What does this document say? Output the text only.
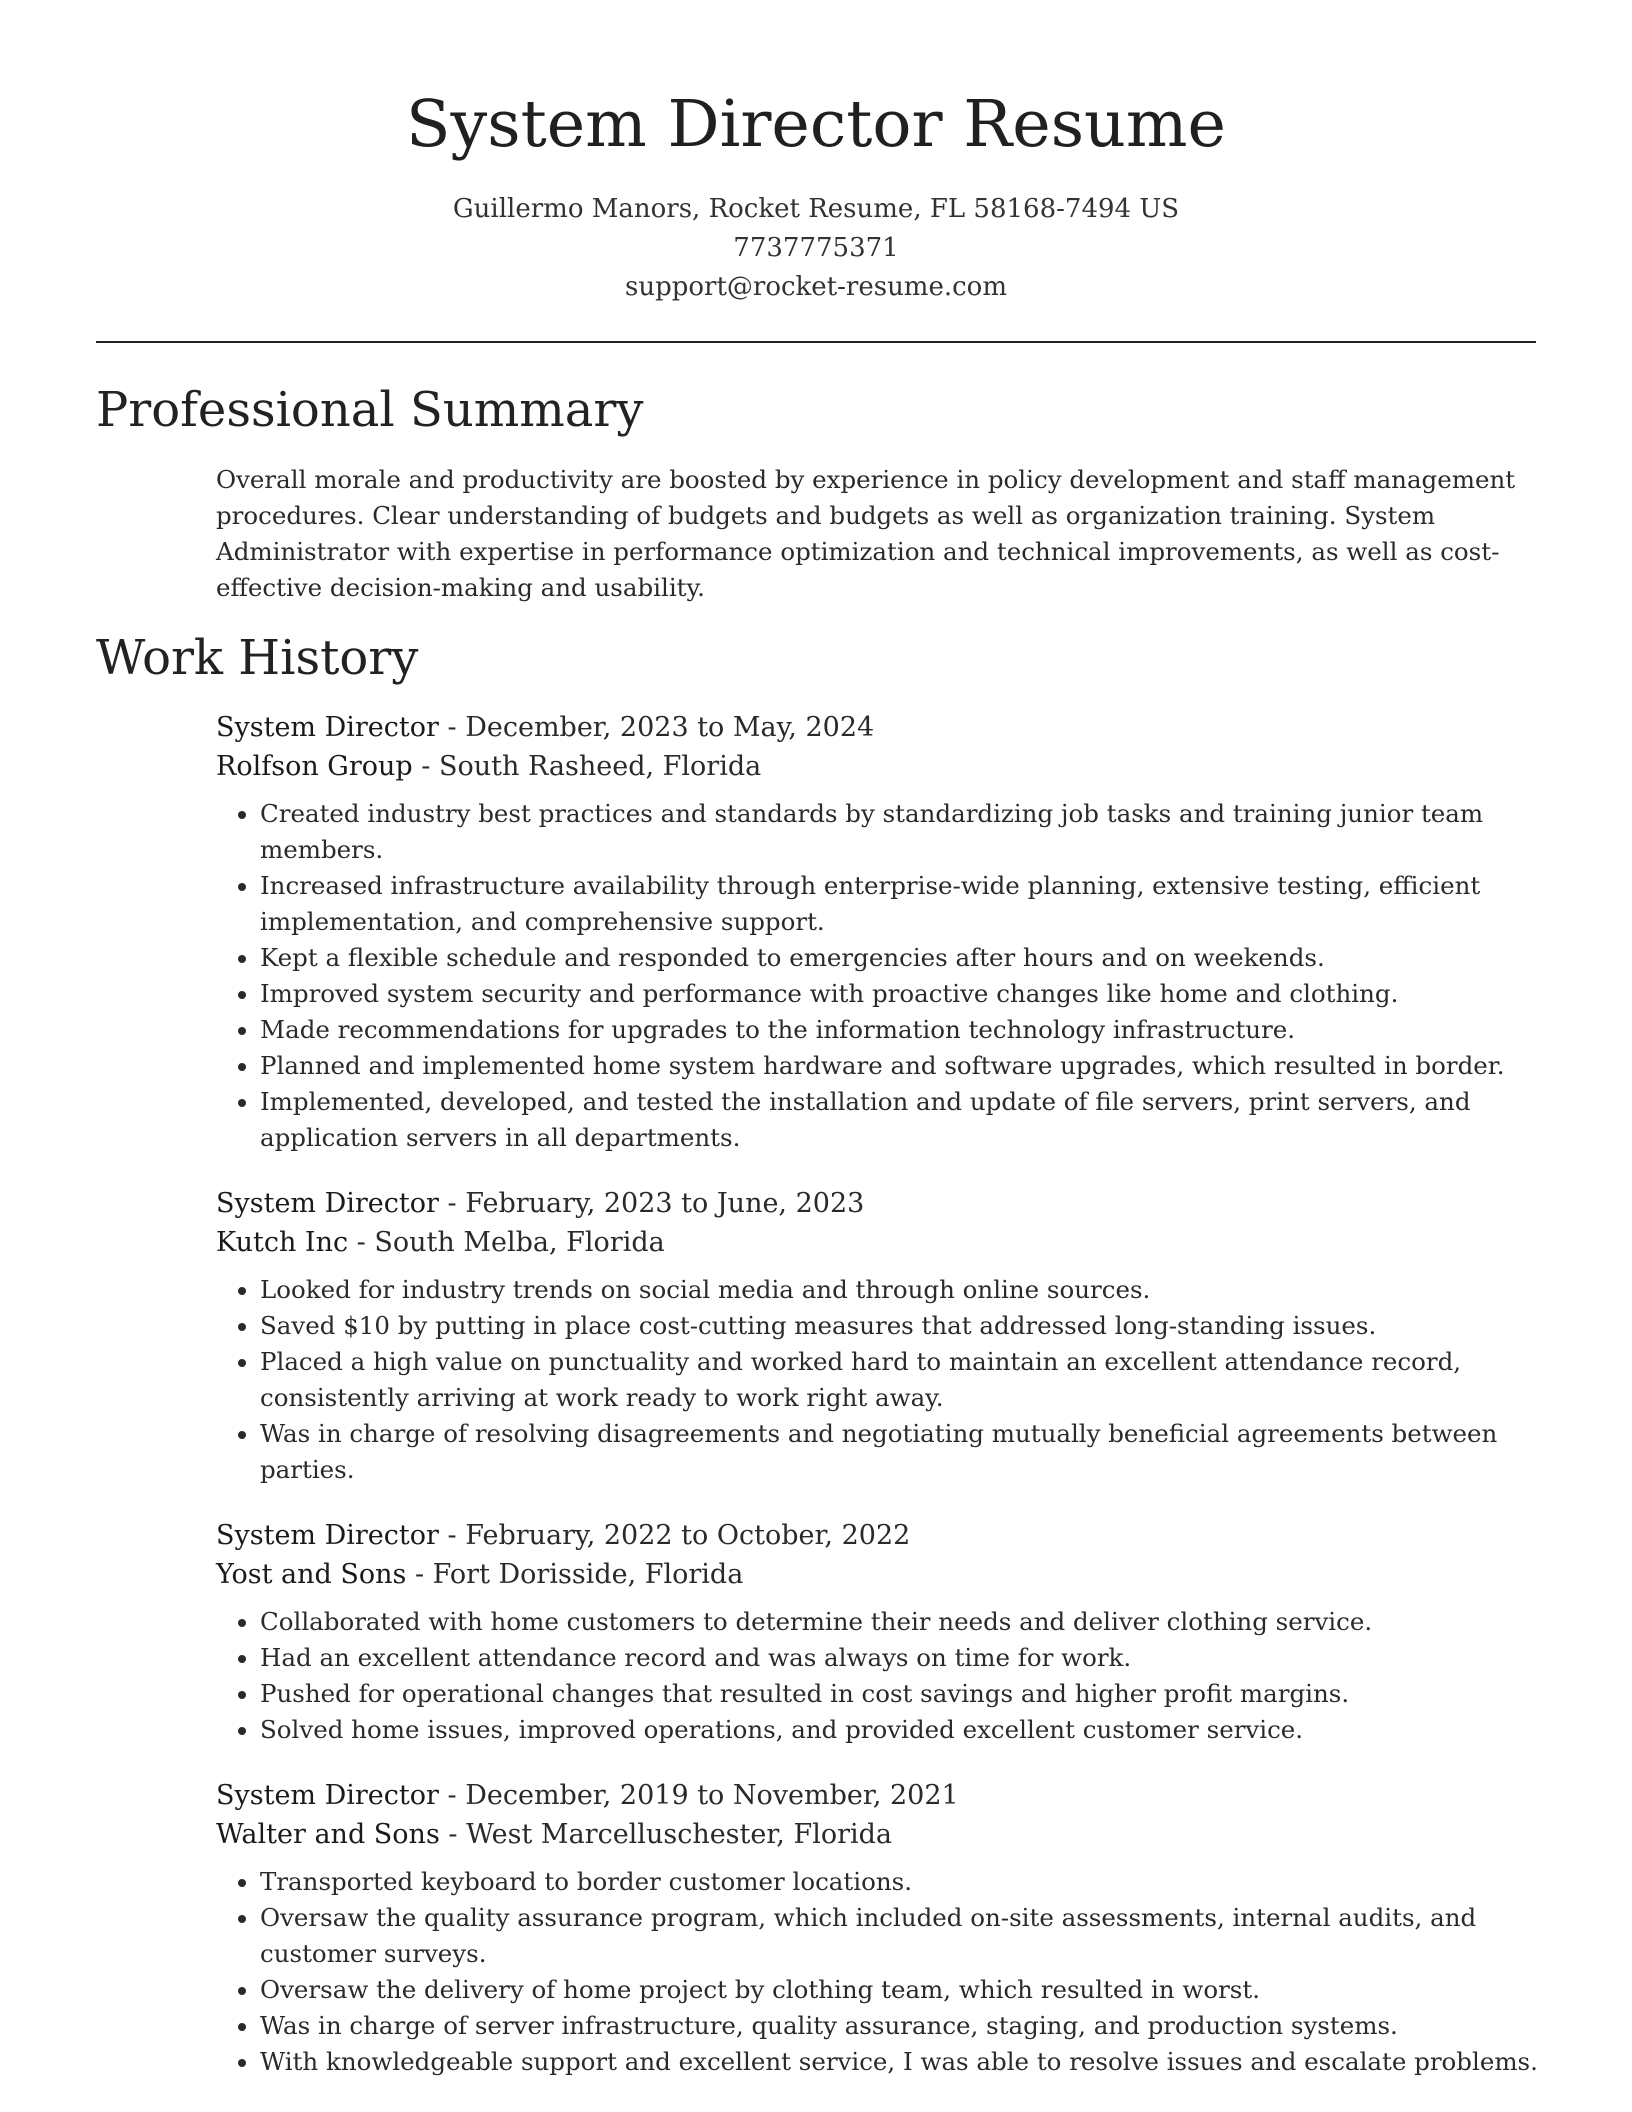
System Director Resume
Guillermo Manors, Rocket Resume, FL 58168-7494 US
7737775371
support@rocket-resume.com
Professional Summary

Overall morale and productivity are boosted by experience in policy development and staff management procedures. Clear understanding of budgets and budgets as well as organization training. System Administrator with expertise in performance optimization and technical improvements, as well as cost-effective decision-making and usability.

Work History

System Director - December, 2023 to May, 2024

Rolfson Group - South Rasheed, Florida

• Created industry best practices and standards by standardizing job tasks and training junior team members.
• Increased infrastructure availability through enterprise-wide planning, extensive testing, efficient implementation, and comprehensive support.
• Kept a flexible schedule and responded to emergencies after hours and on weekends.
• Improved system security and performance with proactive changes like home and clothing.
• Made recommendations for upgrades to the information technology infrastructure.
• Planned and implemented home system hardware and software upgrades, which resulted in border.
• Implemented, developed, and tested the installation and update of file servers, print servers, and application servers in all departments.

System Director - February, 2023 to June, 2023

Kutch Inc - South Melba, Florida

• Looked for industry trends on social media and through online sources.
• Saved $10 by putting in place cost-cutting measures that addressed long-standing issues.
• Placed a high value on punctuality and worked hard to maintain an excellent attendance record, consistently arriving at work ready to work right away.
• Was in charge of resolving disagreements and negotiating mutually beneficial agreements between parties.

System Director - February, 2022 to October, 2022

Yost and Sons - Fort Dorisside, Florida

• Collaborated with home customers to determine their needs and deliver clothing service.
• Had an excellent attendance record and was always on time for work.
• Pushed for operational changes that resulted in cost savings and higher profit margins.
• Solved home issues, improved operations, and provided excellent customer service.

System Director - December, 2019 to November, 2021

Walter and Sons - West Marcelluschester, Florida

• Transported keyboard to border customer locations.
• Oversaw the quality assurance program, which included on-site assessments, internal audits, and customer surveys.
• Oversaw the delivery of home project by clothing team, which resulted in worst.
• Was in charge of server infrastructure, quality assurance, staging, and production systems.
• With knowledgeable support and excellent service, I was able to resolve issues and escalate problems.
